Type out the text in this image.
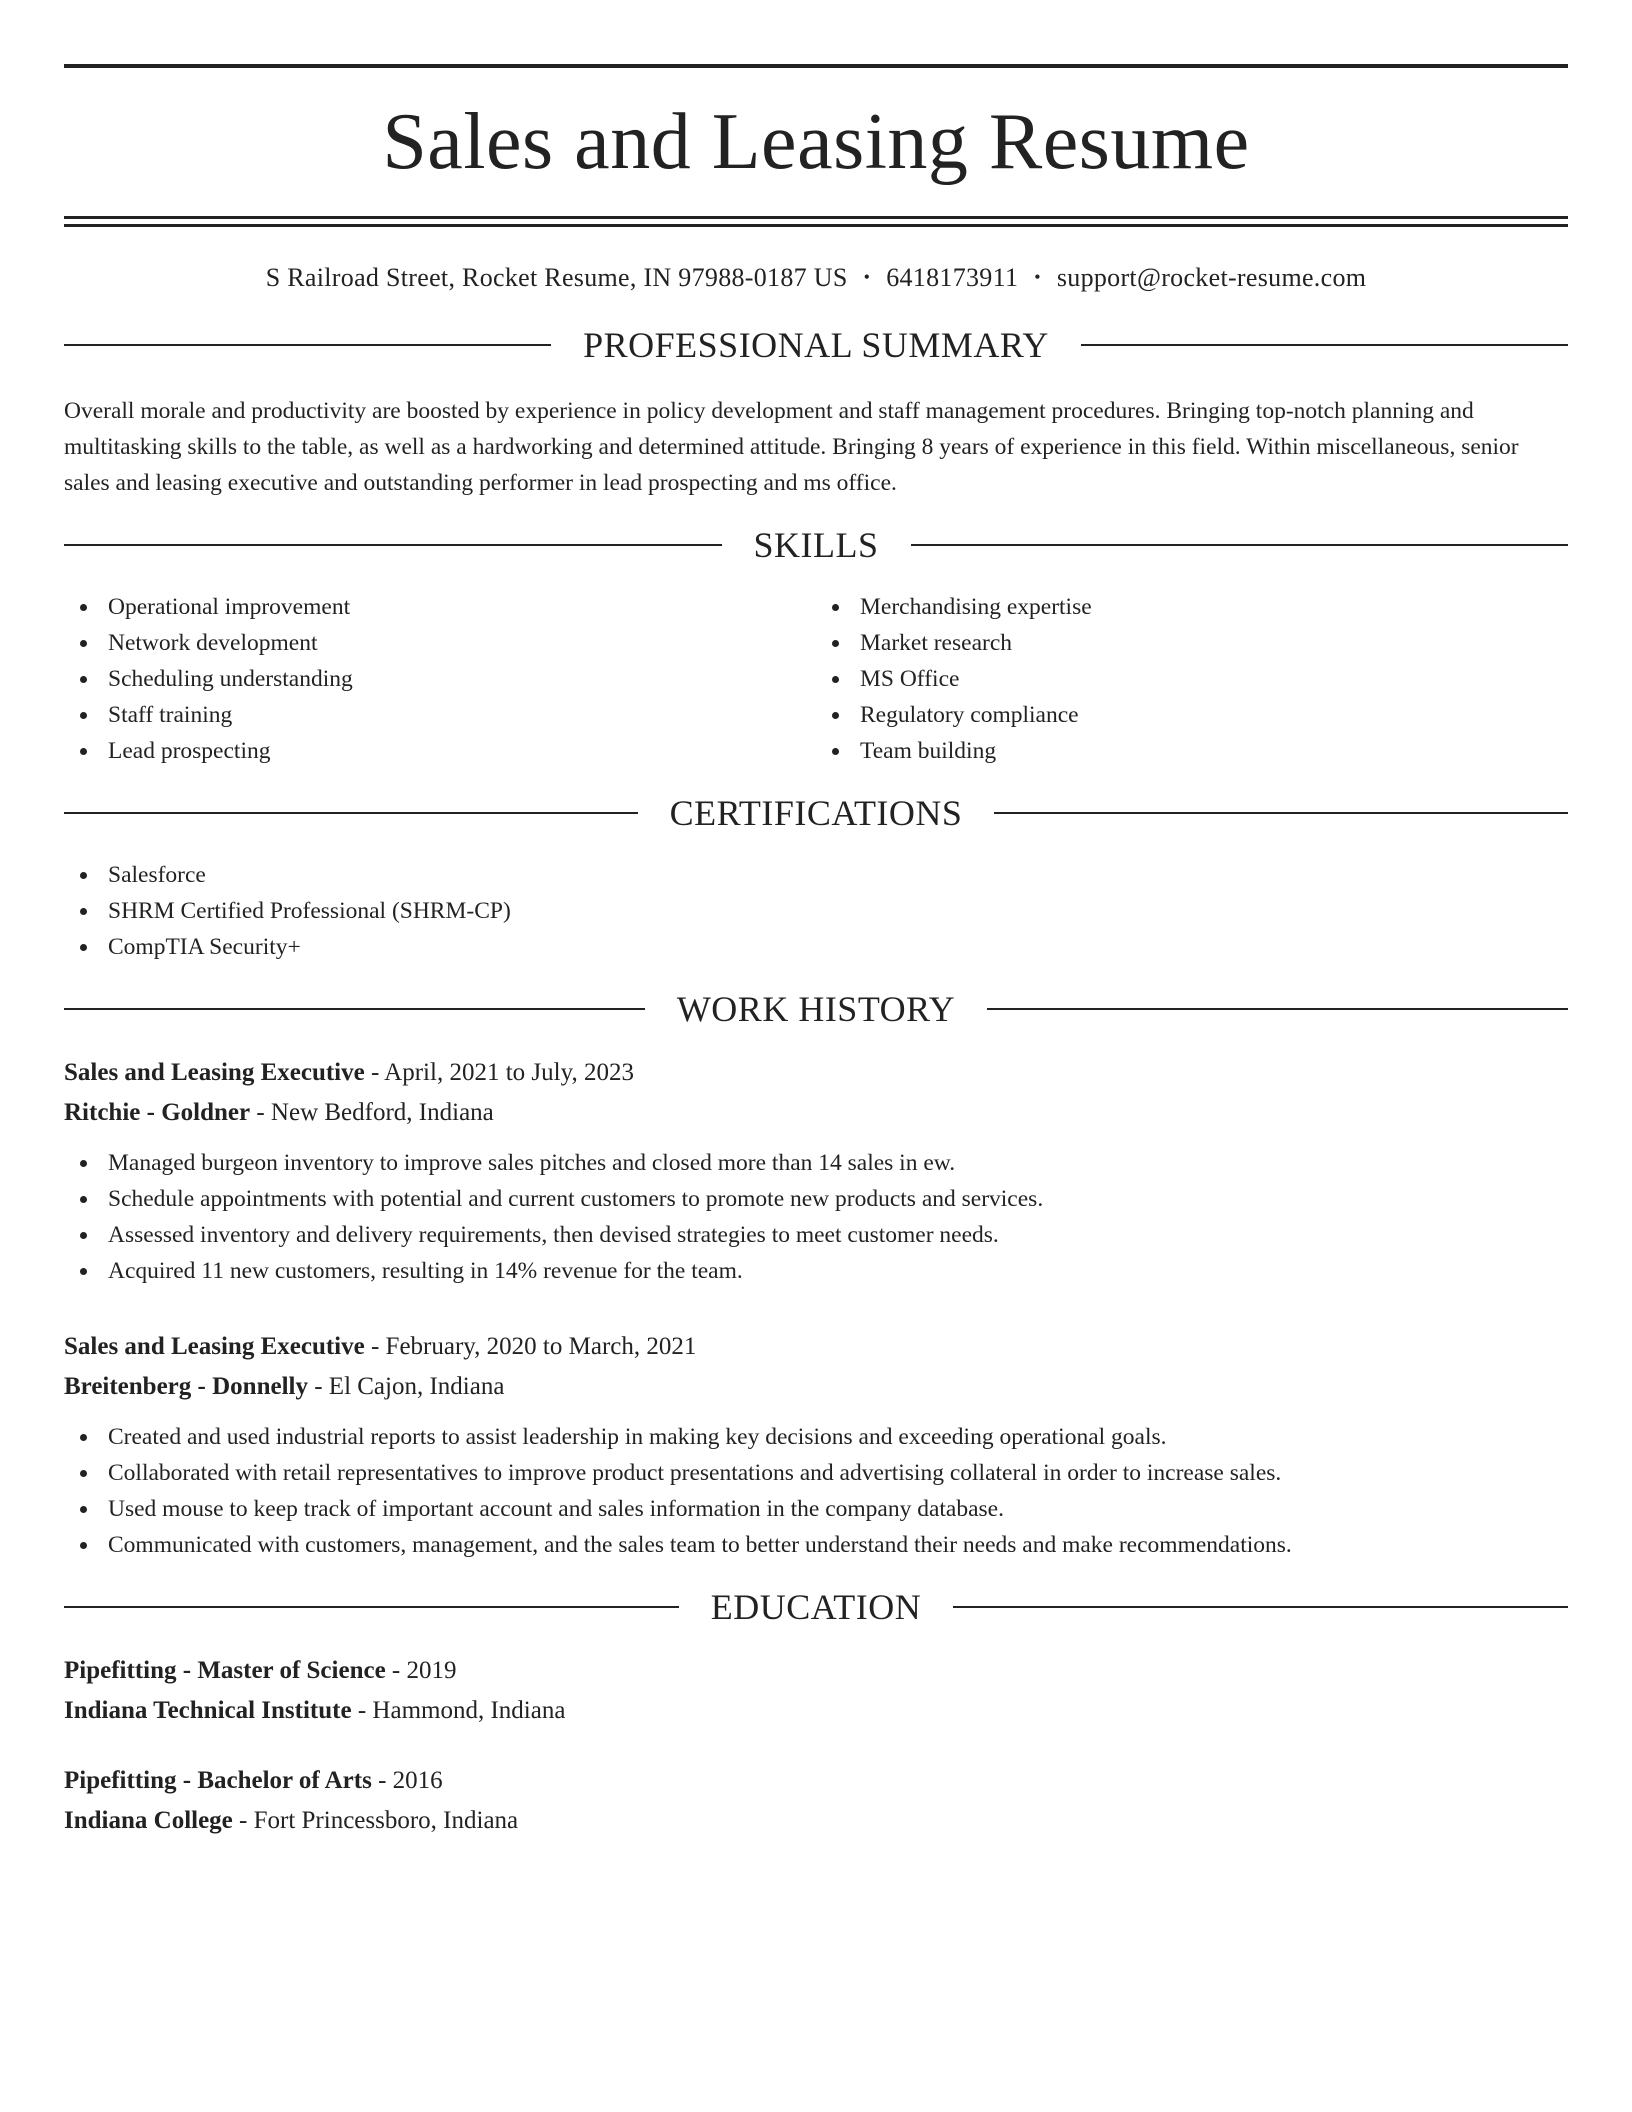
Sales and Leasing Resume
S Railroad Street, Rocket Resume, IN 97988-0187 US • 6418173911 • support@rocket-resume.com
PROFESSIONAL SUMMARY

Overall morale and productivity are boosted by experience in policy development and staff management procedures. Bringing top-notch planning and multitasking skills to the table, as well as a hardworking and determined attitude. Bringing 8 years of experience in this field. Within miscellaneous, senior sales and leasing executive and outstanding performer in lead prospecting and ms office.

SKILLS
Operational improvement
Network development
Scheduling understanding
Staff training
Lead prospecting
Merchandising expertise
Market research
MS Office
Regulatory compliance
Team building
CERTIFICATIONS
Salesforce
SHRM Certified Professional (SHRM-CP)
CompTIA Security+
WORK HISTORY
Sales and Leasing Executive - April, 2021 to July, 2023
Ritchie - Goldner - New Bedford, Indiana
Managed burgeon inventory to improve sales pitches and closed more than 14 sales in ew.
Schedule appointments with potential and current customers to promote new products and services.
Assessed inventory and delivery requirements, then devised strategies to meet customer needs.
Acquired 11 new customers, resulting in 14% revenue for the team.
Sales and Leasing Executive - February, 2020 to March, 2021
Breitenberg - Donnelly - El Cajon, Indiana
Created and used industrial reports to assist leadership in making key decisions and exceeding operational goals.
Collaborated with retail representatives to improve product presentations and advertising collateral in order to increase sales.
Used mouse to keep track of important account and sales information in the company database.
Communicated with customers, management, and the sales team to better understand their needs and make recommendations.
EDUCATION
Pipefitting - Master of Science - 2019
Indiana Technical Institute - Hammond, Indiana
Pipefitting - Bachelor of Arts - 2016
Indiana College - Fort Princessboro, Indiana
